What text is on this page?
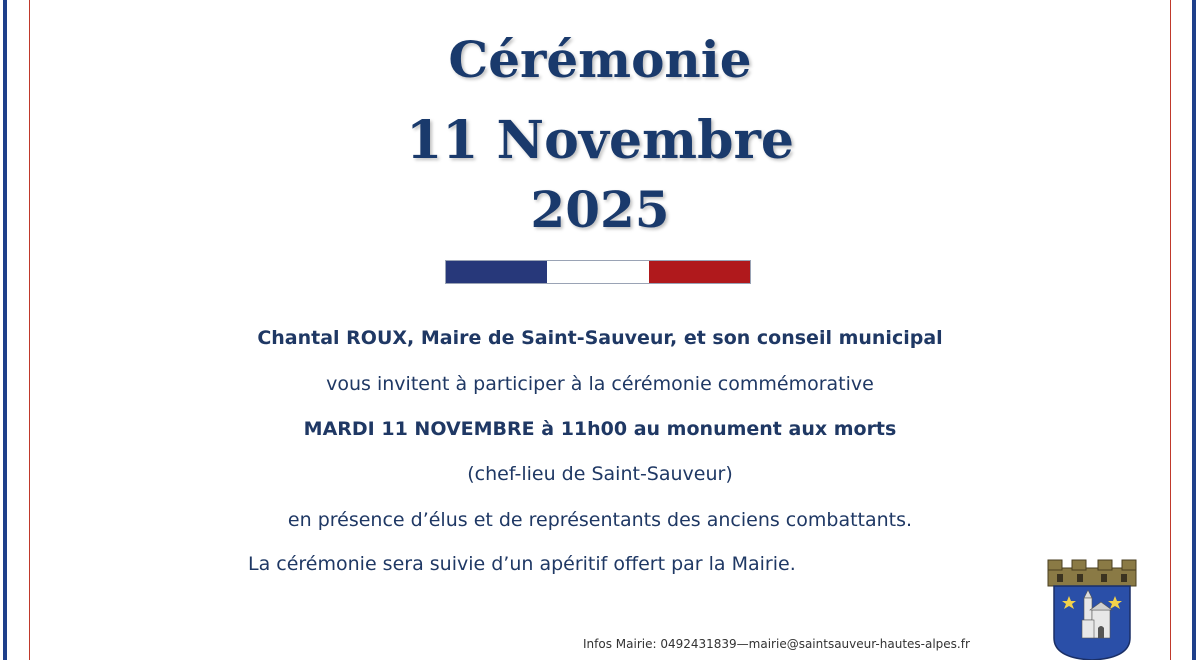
Cérémonie
11 Novembre
2025

Chantal ROUX, Maire de Saint-Sauveur, et son conseil municipal

vous invitent à participer à la cérémonie commémorative

MARDI 11 NOVEMBRE à 11h00 au monument aux morts

(chef-lieu de Saint-Sauveur)

en présence d’élus et de représentants des anciens combattants.

La cérémonie sera suivie d’un apéritif offert par la Mairie.

Infos Mairie: 0492431839—mairie@saintsauveur-hautes-alpes.fr
